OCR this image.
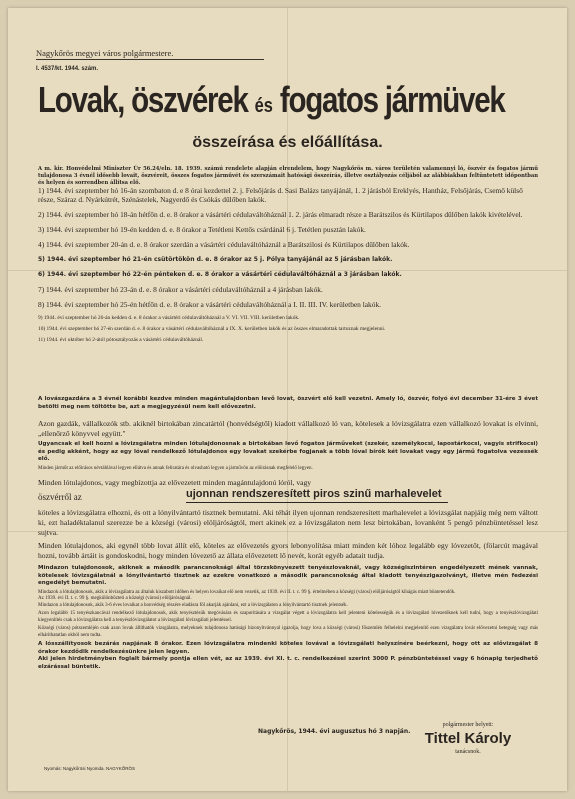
Nagykőrös megyei város polgármestere.
I. 4537/kt. 1944. szám.
Lovak, öszvérek és fogatos jármüvek
összeírása és előállítása.
A m. kir. Honvédelmi Miniszter Úr 56.24/eln. 18. 1939. számú rendelete alapján elrendelem, hogy Nagykőrös m. város területén valamennyi ló, öszvér és fogatos jármű tulajdonosa 3 évnél idősebb lovait, öszvéreit, összes fogatos járművét és szerszámait hatósági összeírás, illetve osztályozás céljából az alábbiakban feltüntetett időpontban és helyen és sorrendben állítsa elő.
1) 1944. évi szeptember hó 16-án szombaton d. e 8 órai kezdettel 2. j. Felsőjárás d. Sasi Balázs tanyájánál, 1. 2 járásból Ereklyés, Hantház, Felsőjárás, Csemő külső része, Száraz d. Nyárkútrét, Szénástelek, Nagyerdő és Csókás dűlőben lakók.
2) 1944. évi szeptember hó 18-án hétfőn d. e. 8 órakor a vásártéri cédulaváltóháznál 1. 2. járás elmaradt része a Barátszilos és Kürtilapos dűlőben lakók kivételével.
3) 1944. évi szeptember hó 19-én kedden d. e. 8 órakor a Tetétleni Kettős csárdánál 6 j. Tetétlen pusztán lakók.
4) 1944. évi szeptember 20-án d. e. 8 órakor szerdán a vásártéri cédulaváltóháznál a Barátszilosi és Kürtilapos dűlőben lakók.
5) 1944. évi szeptember hó 21-én csütörtökön d. e. 8 órakor az 5 j. Pólya tanyájánál az 5 járásban lakók.
6) 1944. évi szeptember hó 22-én pénteken d. e. 8 órakor a vásártéri cédulaváltóháznál a 3 járásban lakók.
7) 1944. évi szeptember hó 23-án d. e. 8 órakor a vásártéri cédulaváltóháznál a 4 járásban lakók.
8) 1944. évi szeptember hó 25-én hétfőn d. e. 8 órakor a vásártéri cédulaváltóháznál a I. II. III. IV. kerületben lakók.
9) 1944. évi szeptember hó 26-án kedden d. e. 8 órakor a vásártéri cédulaváltóháznál a V. VI. VII. VIII. kerületben lakók.
10) 1944. évi szeptember hó 27-én szerdán d. e. 8 órakor a vásártéri cédulaváltóháznál a IX. X. kerületben lakók és az összes elmaradottak tartoznak megjelenni.
11) 1944. évi október hó 2-ától pótosztályozás a vásártéri cédulaváltóháznál.
A lovászgazdára a 3 évnél korábbi kezdve minden magántulajdonban levő lovat, öszvért elő kell vezetni. Amely ló, öszvér, folyó évi december 31-ére 3 évet betölti meg nem töltötte be, azt a megjegyzésül nem kell elővezetni.
Azon gazdák, vállalkozók stb. akiknél birtokában zincatártól (honvédségtől) kiadott vállalkozó ló van, kötelesek a lóvizsgálatra ezen vállalkozó lovakat is elvinni, „ellenőrző könyvvel együtt."
Ugyancsak el kell hozni a lóvizsgálatra minden lótulajdonosnak a birtokában levő fogatos járműveket (szekér, személykocsi, lapostárkocsi, vagyis strifkocsi) és pedig akként, hogy az egy lóval rendelkező lótulajdonos egy lovakat szekérbe fogjanak a több lóval bírók két lovakat vagy egy jármű fogatolva vezessék elő.
Minden járműt az előirásos névtáblával legyen ellátva és annak feliratára és olvasható legyen a járművön az előirásnak megfelelő legyen.
Minden lótulajdonos, vagy megbízottja az elővezetett minden magántulajdonú lóról, vagy
öszvérről az	ujonnan rendszeresített piros szinű marhalevelet
köteles a lóvizsgálatra elhozni, és ott a lónyilvántartó tisztnek bemutatni. Aki téhát ilyen ujonnan rendszeresített marhalevelet a lóvizsgálat napjáig még nem váltott ki, ezt haladéktalanul szerezze be a községi (városi) elöljáróságtól, mert akinek ez a lóvizsgálaton nem lesz birtokában, lovanként 5 pengő pénzbüntetéssel lesz sujtva.
Minden lótulajdonos, aki egynél több lovat állít elő, köteles az elővezetés gyors lebonyolítása miatt minden két lóhoz legalább egy lóvezetőt, (fölarcút magával hozni, tovább ártáit is gondoskodni, hogy minden lóvezető az állata elővezetett lő nevét, korát egyéb adatait tudja.
Mindazon tulajdonosok, akiknek a második parancsnoksági által törzskönyvezett tenyészlovaknál, vagy községiszintéren engedélyezett mének vannak, kötelesek lóvizsgálatnál a lónyilvántartó tisztnek az ezekre vonatkozó a második parancsnokság által kiadott tenyészigazolványt, illetve mén fedezési engedélyt bemutatni.
Mindazok a lótulajdonosok, akik a lóvizsgálatra az általuk kiszabott időben és helyen lovaikat elő nem vezetik, az 1939. évi II. t. c. 99 §. értelmében a községi (városi) elöljáróságtól kihágás miatt büntetendők.
Az 1939. évi II. t. c. 99 §. megkülönbözteti a községi (városi) elöljáróságnál.
Mindazon a lótulajdonosok, akik 3-6 éves lovaikat a honvédség részére eladásra föl akarják ajánlani, ezt a lóvizsgálaton a lónyilvántartó tisztnek jelentsék.
Azon legalább 15 tenyészkancával rendelkező lótulajdonosok, akik tenyésztésük megóvására és szaporítására a vizsgálat végett a lóvizsgálatra kell jelenteni kötelességük és a lóvizsgálati lóvezetőknek kell tudni, hogy a tenyészlóvizsgálati kiegyenlítés csak a lóvizsgálatra kell a tenyészlóvizsgálatot a lóvizsgálati lóvizsgálati jelentéssel.
Községi (város) pótszemléjén csak azon lovak állíthatók vizsgálatra, melyeknek tulajdonosa hatósági bizonyítvánnyal igazolja, hogy lova a községi (városi) főszemlén felhelelni megjelenítő ezen vizsgálatra lovát elővezetni betegség vagy más elháríthatatlan okból nem tudta.
A lósszállítyosok bezárás napjának 8 órakor. Ezen lóvizsgálatra mindenki köteles lovával a lóvizsgálati helyszínére beérkezni, hogy ott az elővizsgálat 8 órakor kezdődik rendelkezésünkre jelen legyen.
Aki jelen hirdetményben foglalt bármely pontja ellen vét, az az 1939. évi XI. t. c. rendelkezései szerint 3000 P. pénzbüntetéssel vagy 6 hónapig terjedhető elzárással büntetik.
Nagykőrös, 1944. évi augusztus hó 3 napján.
polgármester helyett:
Tittel Károly
tanácsnok.
Nyomás: Nagykőrösi Nyomda. NAGYKŐRÖS
